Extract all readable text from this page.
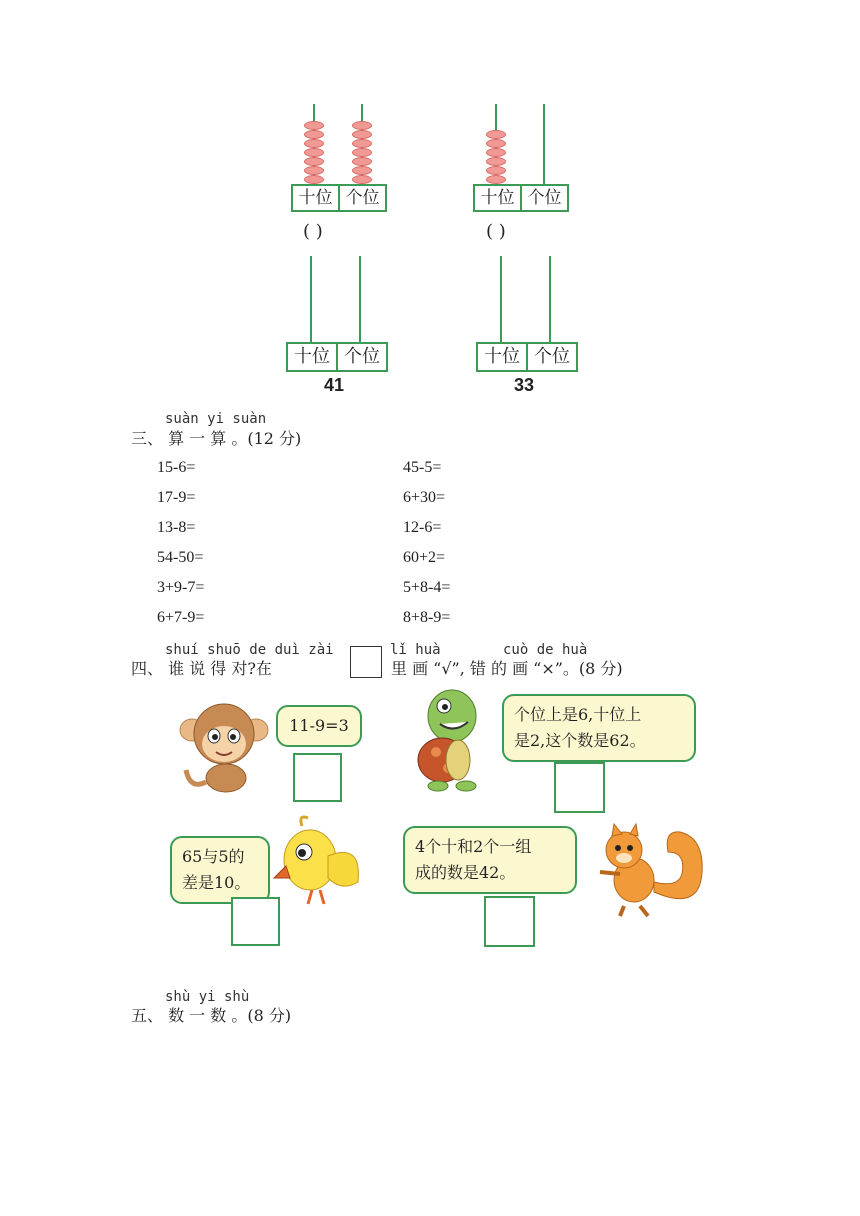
十位 个位
( )
十位 个位
( )
十位 个位
41
十位 个位
33
suàn yi suàn
三、 算 一 算 。(12 分)
15-6=
17-9=
13-8=
54-50=
3+9-7=
6+7-9=
45-5=
6+30=
12-6=
60+2=
5+8-4=
8+8-9=
shuí shuō de duì zài	lǐ huà	cuò de huà
四、 谁 说 得 对?在	里 画 “√”, 错 的 画 “×”。(8 分)
11-9=3
个位上是6,十位上
是2,这个数是62。
65与5的
差是10。
4个十和2个一组
成的数是42。
shù yi shù
五、 数 一 数 。(8 分)
